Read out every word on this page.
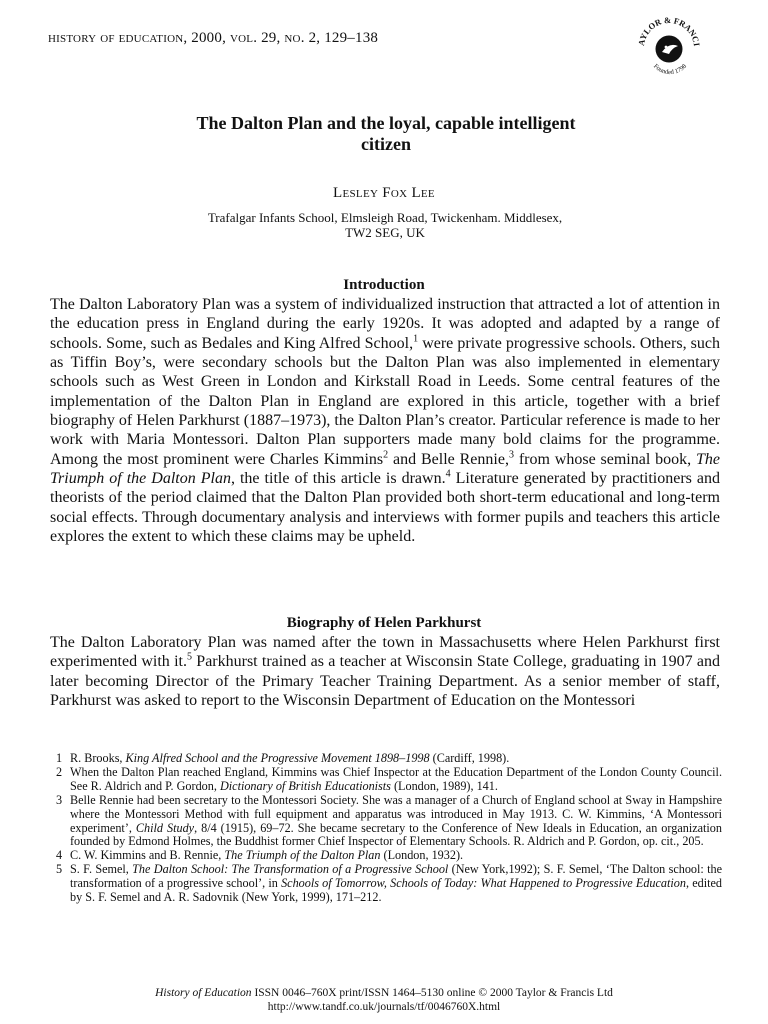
history of education, 2000, vol. 29, no. 2, 129–138	AYLOR & FRANCI
Founded 1798
The Dalton Plan and the loyal, capable intelligent
citizen
Lesley Fox Lee
Trafalgar Infants School, Elmsleigh Road, Twickenham. Middlesex,
TW2 SEG, UK
Introduction

The Dalton Laboratory Plan was a system of individualized instruction that attracted a lot of attention in the education press in England during the early 1920s. It was adopted and adapted by a range of schools. Some, such as Bedales and King Alfred School,$^1$ were private progressive schools. Others, such as Tiffin Boy’s, were secondary schools but the Dalton Plan was also implemented in elementary schools such as West Green in London and Kirkstall Road in Leeds. Some central features of the implementation of the Dalton Plan in England are explored in this article, together with a brief biography of Helen Parkhurst (1887–1973), the Dalton Plan’s creator. Particular reference is made to her work with Maria Montessori. Dalton Plan supporters made many bold claims for the programme. Among the most prominent were Charles Kimmins$^2$ and Belle Rennie,$^3$ from whose seminal book, The Triumph of the Dalton Plan, the title of this article is drawn.$^4$ Literature generated by practitioners and theorists of the period claimed that the Dalton Plan provided both short-term educational and long-term social effects. Through documentary analysis and interviews with former pupils and teachers this article explores the extent to which these claims may be upheld.

Biography of Helen Parkhurst

The Dalton Laboratory Plan was named after the town in Massachusetts where Helen Parkhurst first experimented with it.$^5$ Parkhurst trained as a teacher at Wisconsin State College, graduating in 1907 and later becoming Director of the Primary Teacher Training Department. As a senior member of staff, Parkhurst was asked to report to the Wisconsin Department of Education on the Montessori

1 R. Brooks, King Alfred School and the Progressive Movement 1898–1998 (Cardiff, 1998).
2 When the Dalton Plan reached England, Kimmins was Chief Inspector at the Education Department of the London County Council. See R. Aldrich and P. Gordon, Dictionary of British Educationists (London, 1989), 141.
3 Belle Rennie had been secretary to the Montessori Society. She was a manager of a Church of England school at Sway in Hampshire where the Montessori Method with full equipment and apparatus was introduced in May 1913. C. W. Kimmins, ‘A Montessori experiment’, Child Study, 8/4 (1915), 69–72. She became secretary to the Conference of New Ideals in Education, an organization founded by Edmond Holmes, the Buddhist former Chief Inspector of Elementary Schools. R. Aldrich and P. Gordon, op. cit., 205.
4 C. W. Kimmins and B. Rennie, The Triumph of the Dalton Plan (London, 1932).
5 S. F. Semel, The Dalton School: The Transformation of a Progressive School (New York,1992); S. F. Semel, ‘The Dalton school: the transformation of a progressive school’, in Schools of Tomorrow, Schools of Today: What Happened to Progressive Education, edited by S. F. Semel and A. R. Sadovnik (New York, 1999), 171–212.
History of Education ISSN 0046–760X print/ISSN 1464–5130 online © 2000 Taylor & Francis Ltd
http://www.tandf.co.uk/journals/tf/0046760X.html
